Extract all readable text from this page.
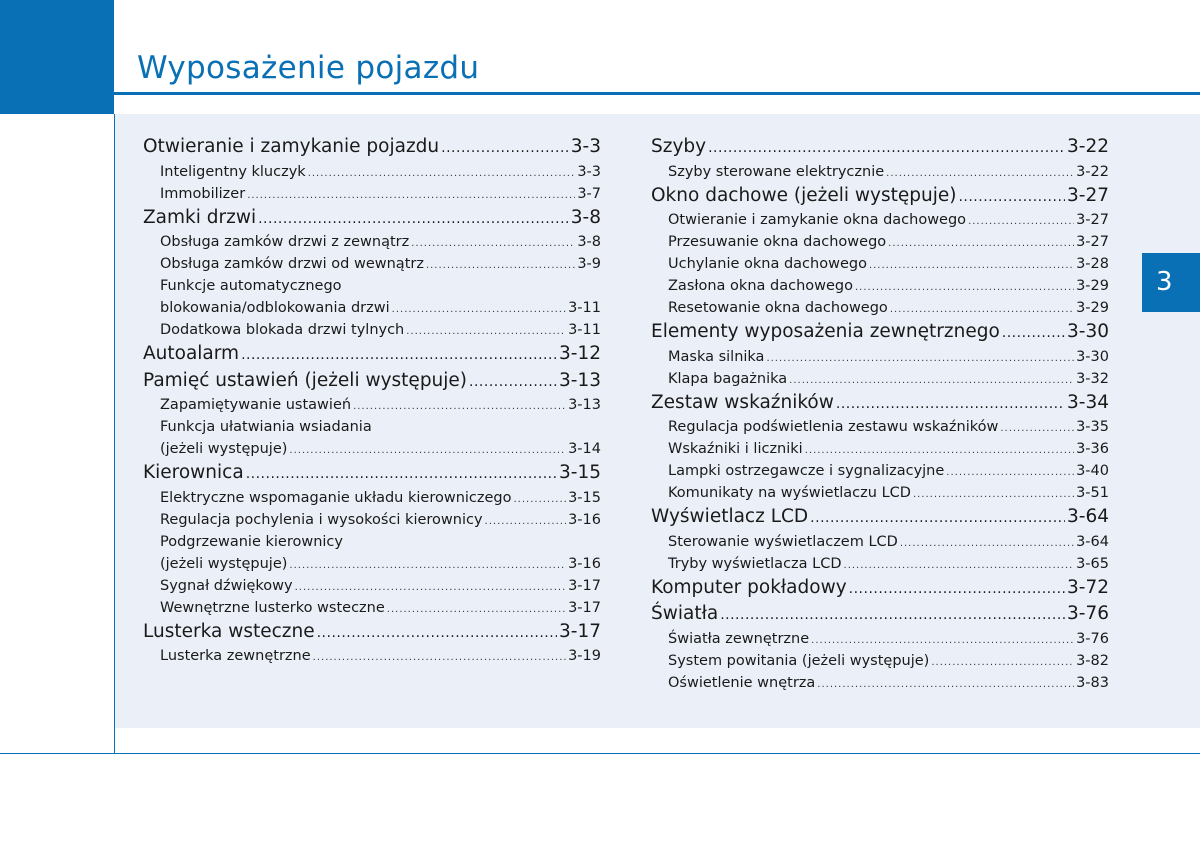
Wyposażenie pojazdu
3
Otwieranie i zamykanie pojazdu .....	3-3
Inteligentny kluczyk .....	3-3
Immobilizer .....	3-7
Zamki drzwi .....	3-8
Obsługa zamków drzwi z zewnątrz .....	3-8
Obsługa zamków drzwi od wewnątrz .....	3-9
Funkcje automatycznego
blokowania/odblokowania drzwi .....	3-11
Dodatkowa blokada drzwi tylnych .....	3-11
Autoalarm .....	3-12
Pamięć ustawień (jeżeli występuje) .....	3-13
Zapamiętywanie ustawień .....	3-13
Funkcja ułatwiania wsiadania
(jeżeli występuje) .....	3-14
Kierownica .....	3-15
Elektryczne wspomaganie układu kierowniczego .....	3-15
Regulacja pochylenia i wysokości kierownicy .....	3-16
Podgrzewanie kierownicy
(jeżeli występuje) .....	3-16
Sygnał dźwiękowy .....	3-17
Wewnętrzne lusterko wsteczne .....	3-17
Lusterka wsteczne .....	3-17
Lusterka zewnętrzne .....	3-19
Szyby .....	3-22
Szyby sterowane elektrycznie .....	3-22
Okno dachowe (jeżeli występuje) .....	3-27
Otwieranie i zamykanie okna dachowego .....	3-27
Przesuwanie okna dachowego .....	3-27
Uchylanie okna dachowego .....	3-28
Zasłona okna dachowego .....	3-29
Resetowanie okna dachowego .....	3-29
Elementy wyposażenia zewnętrznego .....	3-30
Maska silnika .....	3-30
Klapa bagażnika .....	3-32
Zestaw wskaźników .....	3-34
Regulacja podświetlenia zestawu wskaźników .....	3-35
Wskaźniki i liczniki .....	3-36
Lampki ostrzegawcze i sygnalizacyjne .....	3-40
Komunikaty na wyświetlaczu LCD .....	3-51
Wyświetlacz LCD .....	3-64
Sterowanie wyświetlaczem LCD .....	3-64
Tryby wyświetlacza LCD .....	3-65
Komputer pokładowy .....	3-72
Światła .....	3-76
Światła zewnętrzne .....	3-76
System powitania (jeżeli występuje) .....	3-82
Oświetlenie wnętrza .....	3-83
